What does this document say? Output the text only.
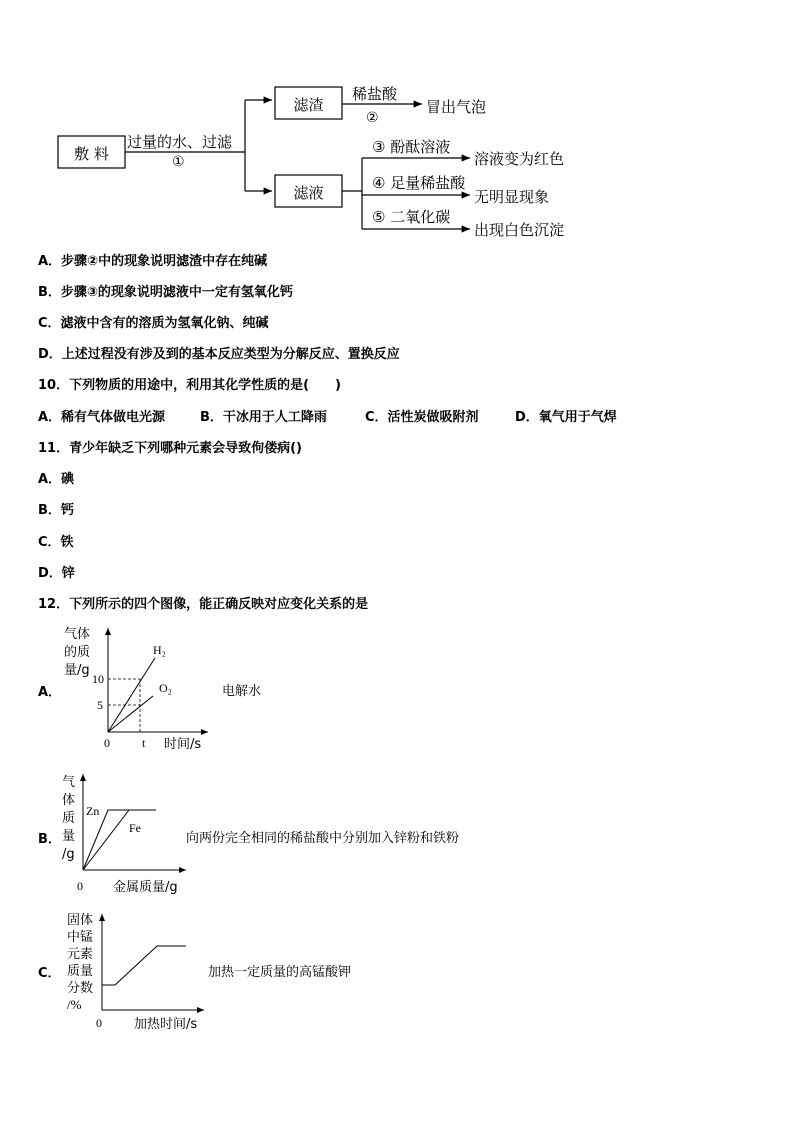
敷 料
过量的水、过滤
①
滤渣
滤液
稀盐酸
②
冒出气泡
③ 酚酞溶液
溶液变为红色
④ 足量稀盐酸
无明显现象
⑤ 二氧化碳
出现白色沉淀
A．步骤②中的现象说明滤渣中存在纯碱
B．步骤③的现象说明滤液中一定有氢氧化钙
C．滤液中含有的溶质为氢氧化钠、纯碱
D．上述过程没有涉及到的基本反应类型为分解反应、置换反应
10．下列物质的用途中，利用其化学性质的是(　　)
A．稀有气体做电光源	B．干冰用于人工降雨	C．活性炭做吸附剂	D．氧气用于气焊
11．青少年缺乏下列哪种元素会导致佝偻病()
A．碘
B．钙
C．铁
D．锌
12．下列所示的四个图像，能正确反映对应变化关系的是
A．
气体
的质
量/g
10
5
0	t 时间/s
H₂
O₂	电解水
B．
气
体
质
量
/g
Zn
Fe
0 金属质量/g
向两份完全相同的稀盐酸中分别加入锌粉和铁粉
C．
固体
中锰
元素
质量
分数
/%
0 加热时间/s
加热一定质量的高锰酸钾
